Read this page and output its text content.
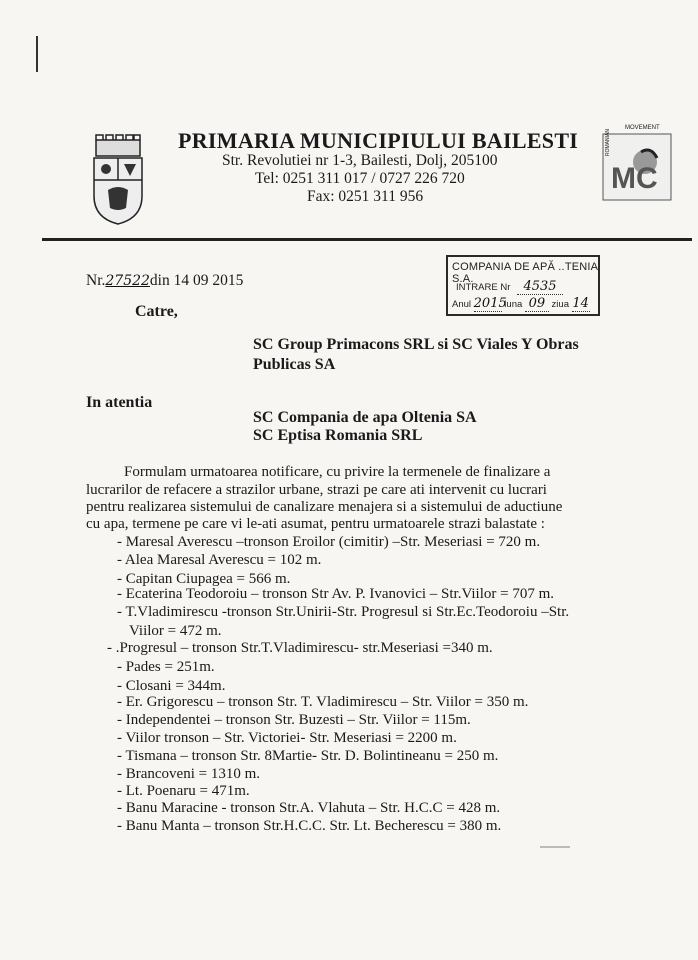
PRIMARIA MUNICIPIULUI BAILESTI
Str. Revolutiei nr 1-3, Bailesti, Dolj, 205100
Tel: 0251 311 017 / 0727 226 720
Fax: 0251 311 956
MOVEMENT
ROMANIAN
MC
COMPANIA DE APĂ ..TENIA S.A.
INTRARE Nr 4535
Anul 2015 luna 09 ziua 14
Nr.27522din 14 09 2015
Catre,
SC Group Primacons SRL si SC Viales Y Obras
Publicas SA
In atentia
SC Compania de apa Oltenia SA
SC Eptisa Romania SRL
Formulam urmatoarea notificare, cu privire la termenele de finalizare a
lucrarilor de refacere a strazilor urbane, strazi pe care ati intervenit cu lucrari
pentru realizarea sistemului de canalizare menajera si a sistemului de aductiune
cu apa, termene pe care vi le-ati asumat, pentru urmatoarele strazi balastate :
- Maresal Averescu –tronson Eroilor (cimitir) –Str. Meseriasi = 720 m.
- Alea Maresal Averescu = 102 m.
- Capitan Ciupagea = 566 m.
- Ecaterina Teodoroiu – tronson Str Av. P. Ivanovici – Str.Viilor = 707 m.
- T.Vladimirescu -tronson Str.Unirii-Str. Progresul si Str.Ec.Teodoroiu –Str.
Viilor = 472 m.
- .Progresul – tronson Str.T.Vladimirescu- str.Meseriasi =340 m.
- Pades = 251m.
- Closani = 344m.
- Er. Grigorescu – tronson Str. T. Vladimirescu – Str. Viilor = 350 m.
- Independentei – tronson Str. Buzesti – Str. Viilor = 115m.
- Viilor tronson – Str. Victoriei- Str. Meseriasi = 2200 m.
- Tismana – tronson Str. 8Martie- Str. D. Bolintineanu = 250 m.
- Brancoveni = 1310 m.
- Lt. Poenaru = 471m.
- Banu Maracine - tronson Str.A. Vlahuta – Str. H.C.C = 428 m.
- Banu Manta – tronson Str.H.C.C. Str. Lt. Becherescu = 380 m.
